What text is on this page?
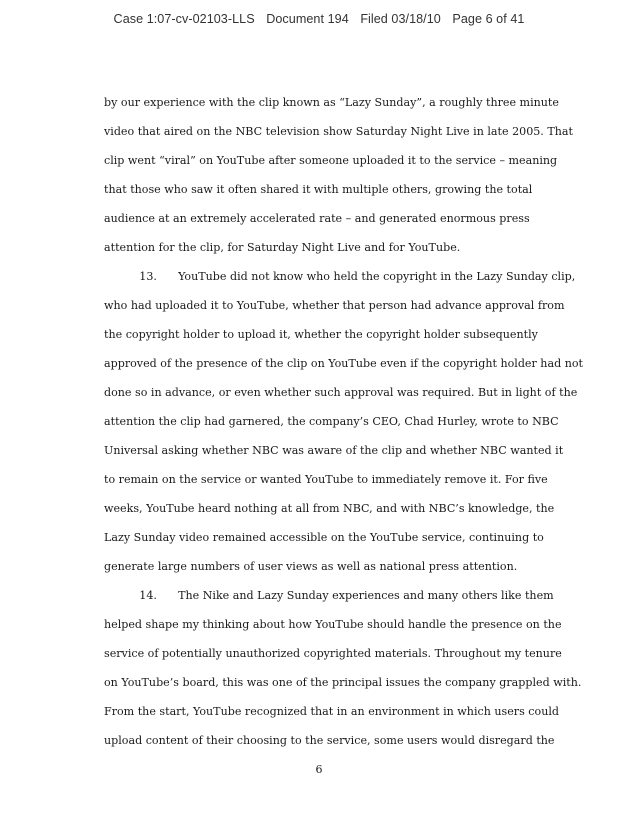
Case 1:07-cv-02103-LLS Document 194 Filed 03/18/10 Page 6 of 41
by our experience with the clip known as “Lazy Sunday”, a roughly three minute
video that aired on the NBC television show Saturday Night Live in late 2005. That
clip went “viral” on YouTube after someone uploaded it to the service – meaning
that those who saw it often shared it with multiple others, growing the total
audience at an extremely accelerated rate – and generated enormous press
attention for the clip, for Saturday Night Live and for YouTube.
13.      YouTube did not know who held the copyright in the Lazy Sunday clip,
who had uploaded it to YouTube, whether that person had advance approval from
the copyright holder to upload it, whether the copyright holder subsequently
approved of the presence of the clip on YouTube even if the copyright holder had not
done so in advance, or even whether such approval was required. But in light of the
attention the clip had garnered, the company’s CEO, Chad Hurley, wrote to NBC
Universal asking whether NBC was aware of the clip and whether NBC wanted it
to remain on the service or wanted YouTube to immediately remove it. For five
weeks, YouTube heard nothing at all from NBC, and with NBC’s knowledge, the
Lazy Sunday video remained accessible on the YouTube service, continuing to
generate large numbers of user views as well as national press attention.
14.      The Nike and Lazy Sunday experiences and many others like them
helped shape my thinking about how YouTube should handle the presence on the
service of potentially unauthorized copyrighted materials. Throughout my tenure
on YouTube’s board, this was one of the principal issues the company grappled with.
From the start, YouTube recognized that in an environment in which users could
upload content of their choosing to the service, some users would disregard the
6
